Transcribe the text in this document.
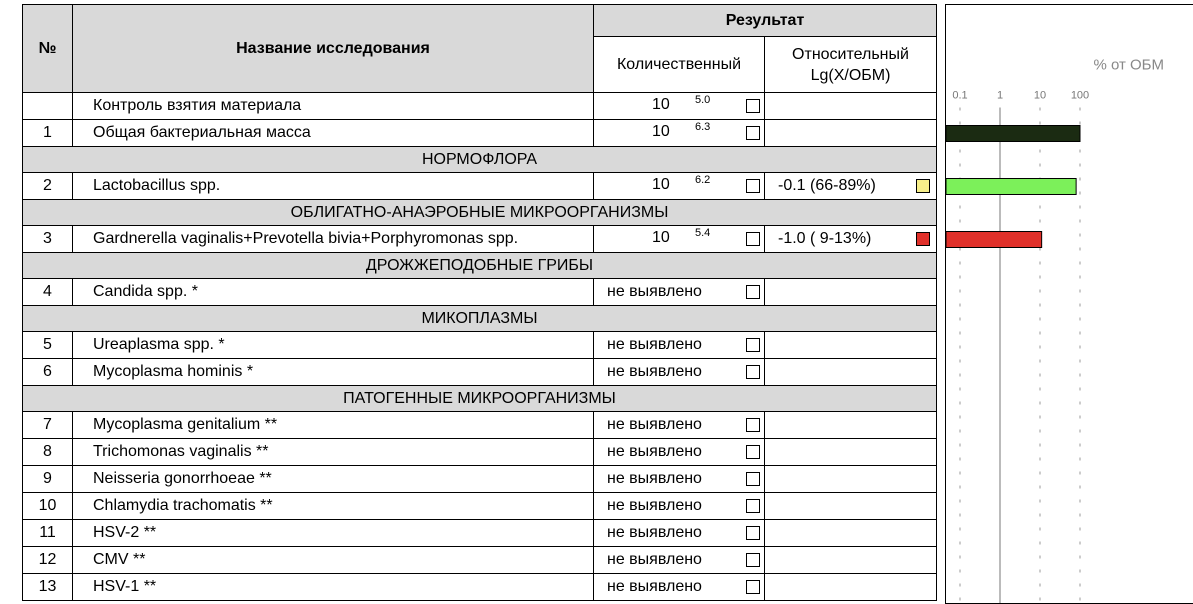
№	Название исследования	Результат	

		Количественный	Относительный
Lg(X/ОБМ)

	Контроль взятия материала	10 5.0	

1	Общая бактериальная масса	10 6.3	

НОРМОФЛОРА			
2	Lactobacillus spp.	10 6.2	-0.1 (66-89%)

ОБЛИГАТНО-АНАЭРОБНЫЕ МИКРООРГАНИЗМЫ			
3	Gardnerella vaginalis+Prevotella bivia+Porphyromonas spp.	10 5.4	-1.0 ( 9-13%)

ДРОЖЖЕПОДОБНЫЕ ГРИБЫ			
4	Candida spp. *	не выявлено	

МИКОПЛАЗМЫ			
5	Ureaplasma spp. *	не выявлено	

6	Mycoplasma hominis *	не выявлено	

ПАТОГЕННЫЕ МИКРООРГАНИЗМЫ			
7	Mycoplasma genitalium **	не выявлено	

8	Trichomonas vaginalis **	не выявлено	

9	Neisseria gonorrhoeae **	не выявлено	

10	Chlamydia trachomatis **	не выявлено	

11	HSV-2 **	не выявлено	

12	CMV **	не выявлено	

13	HSV-1 **	не выявлено	

% от ОБМ
0.1	1	10 100
